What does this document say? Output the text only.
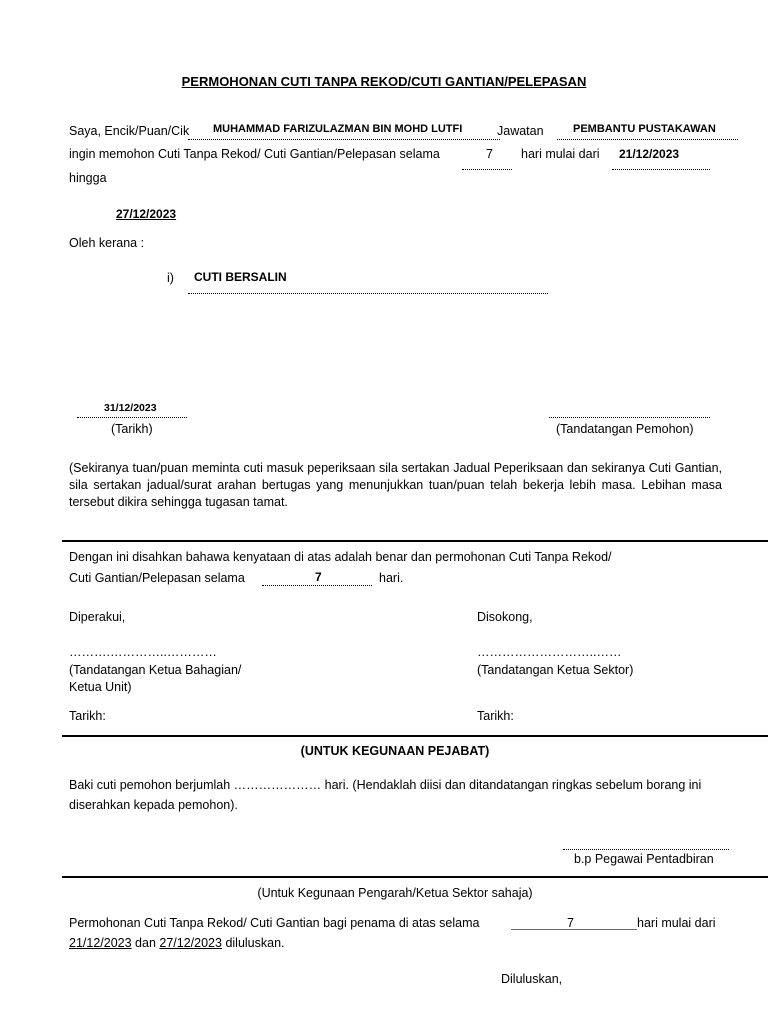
PERMOHONAN CUTI TANPA REKOD/CUTI GANTIAN/PELEPASAN
Saya, Encik/Puan/Cik MUHAMMAD FARIZULAZMAN BIN MOHD LUTFI	Jawatan	PEMBANTU PUSTAKAWAN
ingin memohon Cuti Tanpa Rekod/ Cuti Gantian/Pelepasan selama	7 hari mulai dari 21/12/2023
hingga
27/12/2023
Oleh kerana :
i) CUTI BERSALIN
31/12/2023
(Tarikh)	(Tandatangan Pemohon)
(Sekiranya tuan/puan meminta cuti masuk peperiksaan sila sertakan Jadual Peperiksaan dan sekiranya Cuti Gantian, sila sertakan jadual/surat arahan bertugas yang menunjukkan tuan/puan telah bekerja lebih masa. Lebihan masa tersebut dikira sehingga tugasan tamat.
Dengan ini disahkan bahawa kenyataan di atas adalah benar dan permohonan Cuti Tanpa Rekod/
Cuti Gantian/Pelepasan selama	7	hari.
Diperakui,	Disokong,
……….…………..…………	………………………..……
(Tandatangan Ketua Bahagian/
Ketua Unit)
(Tandatangan Ketua Sektor)
Tarikh:	Tarikh:
(UNTUK KEGUNAAN PEJABAT)
Baki cuti pemohon berjumlah ………………… hari. (Hendaklah diisi dan ditandatangan ringkas sebelum borang ini
diserahkan kepada pemohon).
b.p Pegawai Pentadbiran
(Untuk Kegunaan Pengarah/Ketua Sektor sahaja)
Permohonan Cuti Tanpa Rekod/ Cuti Gantian bagi penama di atas selama	7	hari mulai dari
21/12/2023 dan 27/12/2023 diluluskan.
Diluluskan,
